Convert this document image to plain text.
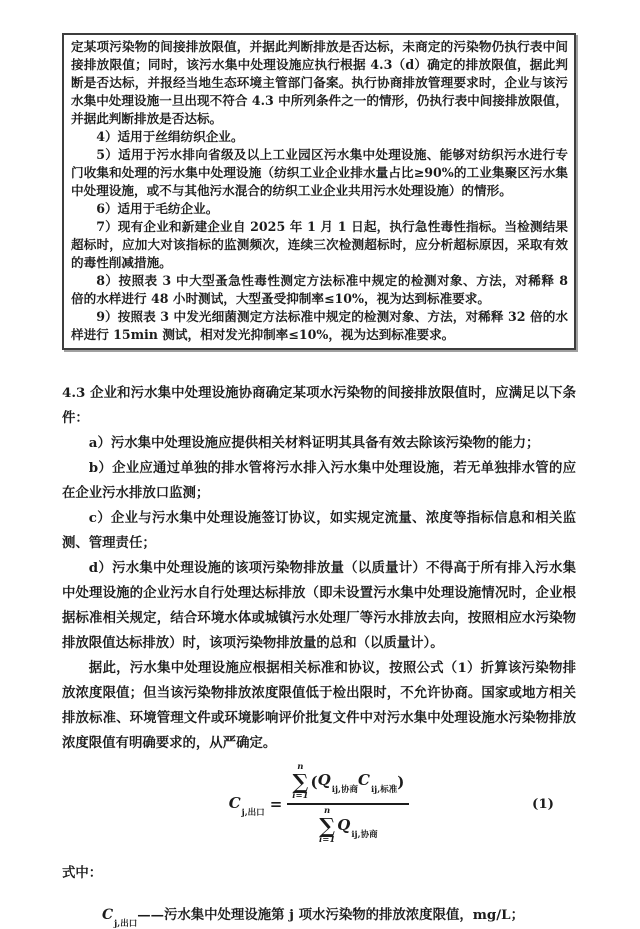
定某项污染物的间接排放限值，并据此判断排放是否达标，未商定的污染物仍执行表中间接排放限值；同时，该污水集中处理设施应执行根据 4.3（d）确定的排放限值，据此判断是否达标，并报经当地生态环境主管部门备案。执行协商排放管理要求时，企业与该污水集中处理设施一旦出现不符合 4.3 中所列条件之一的情形，仍执行表中间接排放限值，并据此判断排放是否达标。

4）适用于丝绢纺织企业。

5）适用于污水排向省级及以上工业园区污水集中处理设施、能够对纺织污水进行专门收集和处理的污水集中处理设施（纺织工业企业排水量占比≥90%的工业集聚区污水集中处理设施，或不与其他污水混合的纺织工业企业共用污水处理设施）的情形。

6）适用于毛纺企业。

7）现有企业和新建企业自 2025 年 1 月 1 日起，执行急性毒性指标。当检测结果超标时，应加大对该指标的监测频次，连续三次检测超标时，应分析超标原因，采取有效的毒性削减措施。

8）按照表 3 中大型蚤急性毒性测定方法标准中规定的检测对象、方法，对稀释 8 倍的水样进行 48 小时测试，大型蚤受抑制率≤10%，视为达到标准要求。

9）按照表 3 中发光细菌测定方法标准中规定的检测对象、方法，对稀释 32 倍的水样进行 15min 测试，相对发光抑制率≤10%，视为达到标准要求。

4.3 企业和污水集中处理设施协商确定某项水污染物的间接排放限值时，应满足以下条件：

a）污水集中处理设施应提供相关材料证明其具备有效去除该污染物的能力；

b）企业应通过单独的排水管将污水排入污水集中处理设施，若无单独排水管的应在企业污水排放口监测；

c）企业与污水集中处理设施签订协议，如实规定流量、浓度等指标信息和相关监测、管理责任；

d）污水集中处理设施的该项污染物排放量（以质量计）不得高于所有排入污水集中处理设施的企业污水自行处理达标排放（即未设置污水集中处理设施情况时，企业根据标准相关规定，结合环境水体或城镇污水处理厂等污水排放去向，按照相应水污染物排放限值达标排放）时，该项污染物排放量的总和（以质量计）。

据此，污水集中处理设施应根据相关标准和协议，按照公式（1）折算该污染物排放浓度限值；但当该污染物排放浓度限值低于检出限时，不允许协商。国家或地方相关排放标准、环境管理文件或环境影响评价批复文件中对污水集中处理设施水污染物排放浓度限值有明确要求的，从严确定。

$C_{j,出口}$ =
n
∑
i=1
( $Q_{ij,协商}$
$C_{ij,标准}$ )
n
∑
i=1
$Q_{ij,协商}$
(1)

式中：

$C_{j,出口}——$污水集中处理设施第 j 项水污染物的排放浓度限值，mg/L；
